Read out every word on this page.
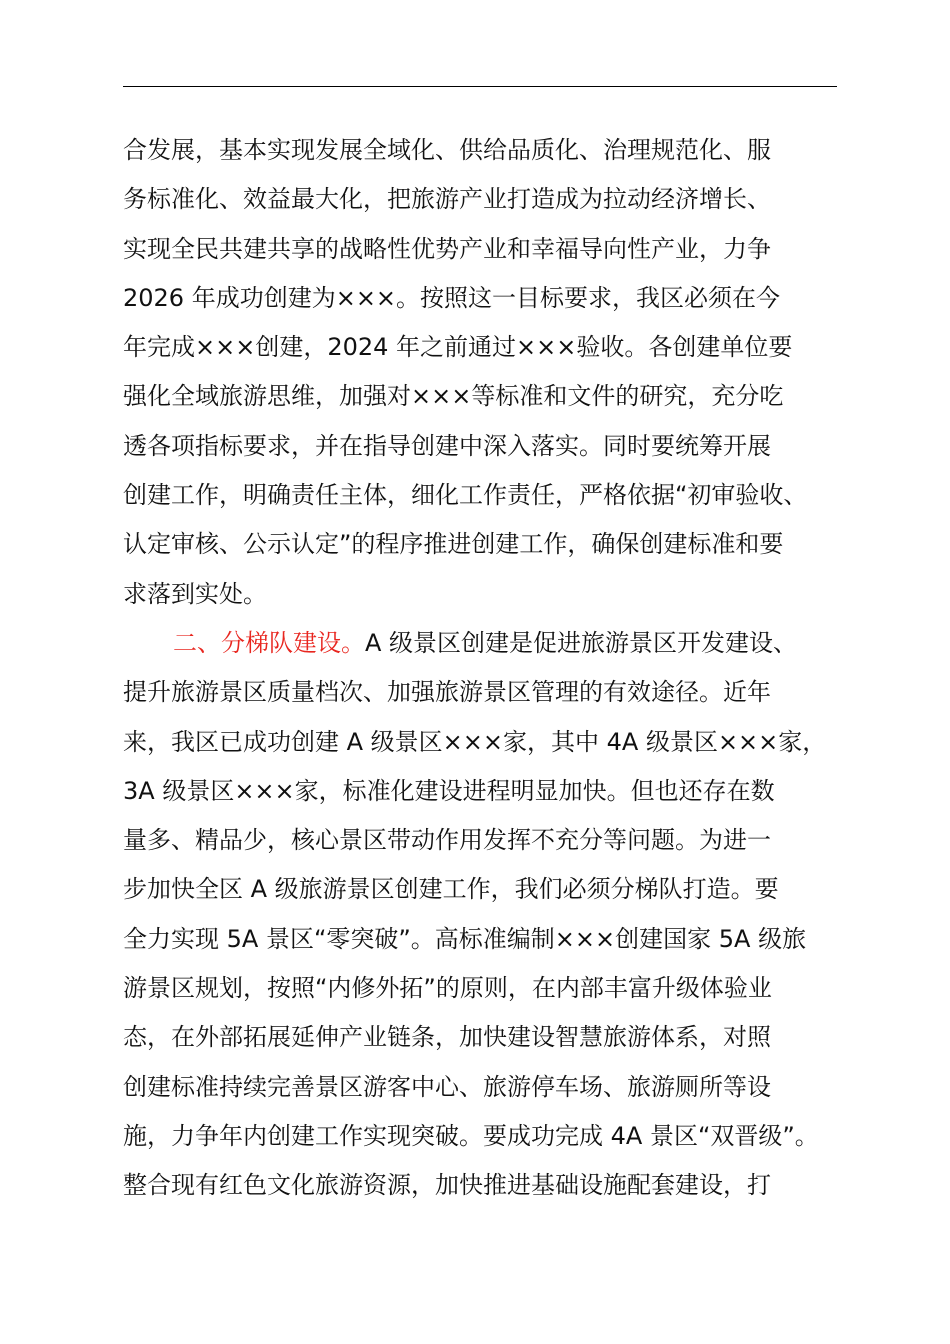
合发展，基本实现发展全域化、供给品质化、治理规范化、服
务标准化、效益最大化，把旅游产业打造成为拉动经济增长、
实现全民共建共享的战略性优势产业和幸福导向性产业，力争
2026 年成功创建为×××。按照这一目标要求，我区必须在今
年完成×××创建，2024 年之前通过×××验收。各创建单位要
强化全域旅游思维，加强对×××等标准和文件的研究，充分吃
透各项指标要求，并在指导创建中深入落实。同时要统筹开展
创建工作，明确责任主体，细化工作责任，严格依据“初审验收、
认定审核、公示认定”的程序推进创建工作，确保创建标准和要
求落到实处。
二、分梯队建设。A 级景区创建是促进旅游景区开发建设、
提升旅游景区质量档次、加强旅游景区管理的有效途径。近年
来，我区已成功创建 A 级景区×××家，其中 4A 级景区×××家，
3A 级景区×××家，标准化建设进程明显加快。但也还存在数
量多、精品少，核心景区带动作用发挥不充分等问题。为进一
步加快全区 A 级旅游景区创建工作，我们必须分梯队打造。要
全力实现 5A 景区“零突破”。高标准编制×××创建国家 5A 级旅
游景区规划，按照“内修外拓”的原则，在内部丰富升级体验业
态，在外部拓展延伸产业链条，加快建设智慧旅游体系，对照
创建标准持续完善景区游客中心、旅游停车场、旅游厕所等设
施，力争年内创建工作实现突破。要成功完成 4A 景区“双晋级”。
整合现有红色文化旅游资源，加快推进基础设施配套建设，打
